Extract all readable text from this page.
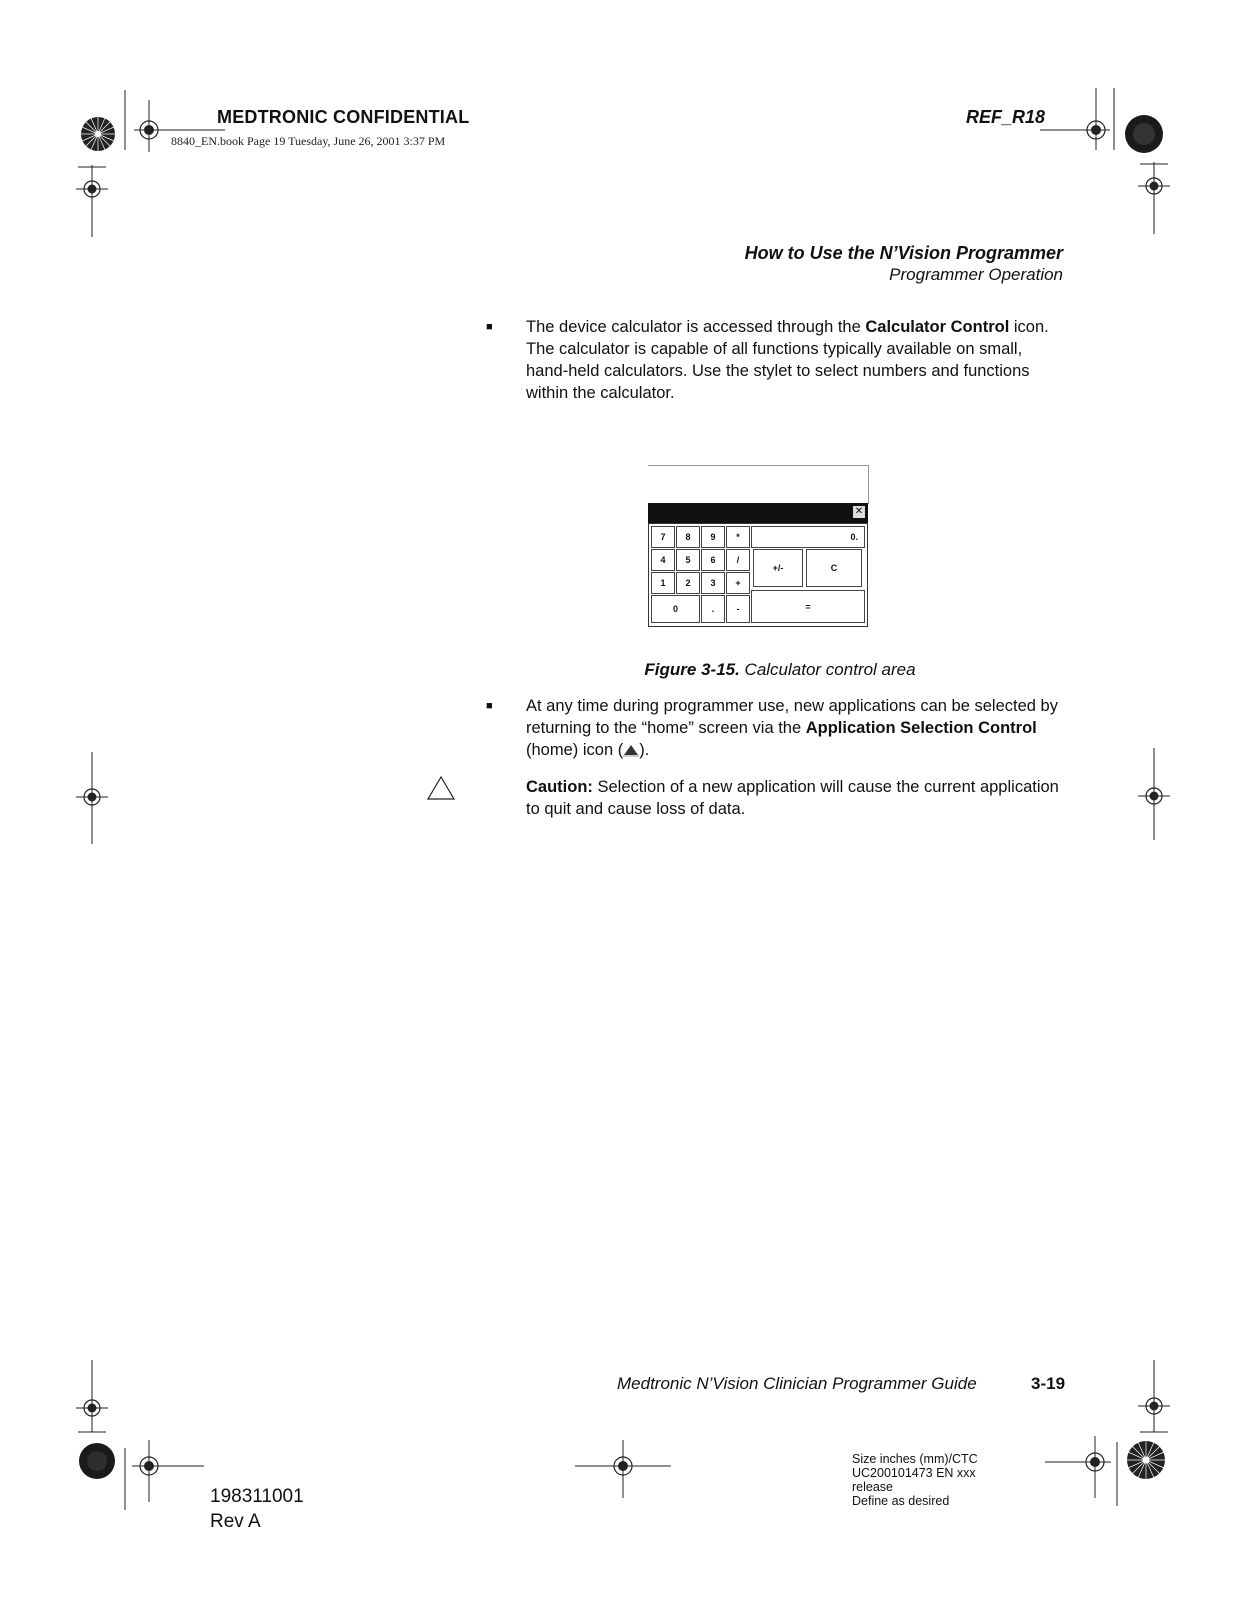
MEDTRONIC CONFIDENTIAL
8840_EN.book Page 19 Tuesday, June 26, 2001 3:37 PM
REF_R18
How to Use the N’Vision Programmer
Programmer Operation
■ The device calculator is accessed through the Calculator Control icon. The calculator is capable of all functions typically available on small, hand-held calculators. Use the stylet to select numbers and functions within the calculator.
✕
7	8	9	*	0.
4	5	6	/
+/-	C
1	2	3	+
0	.	-	=
Figure 3-15. Calculator control area
■ At any time during programmer use, new applications can be selected by returning to the “home” screen via the Application Selection Control (home) icon ( ).
Caution: Selection of a new application will cause the current application to quit and cause loss of data.
Medtronic N’Vision Clinician Programmer Guide	3-19
198311001
Rev A
Size inches (mm)/CTC
UC200101473 EN xxx
release
Define as desired
